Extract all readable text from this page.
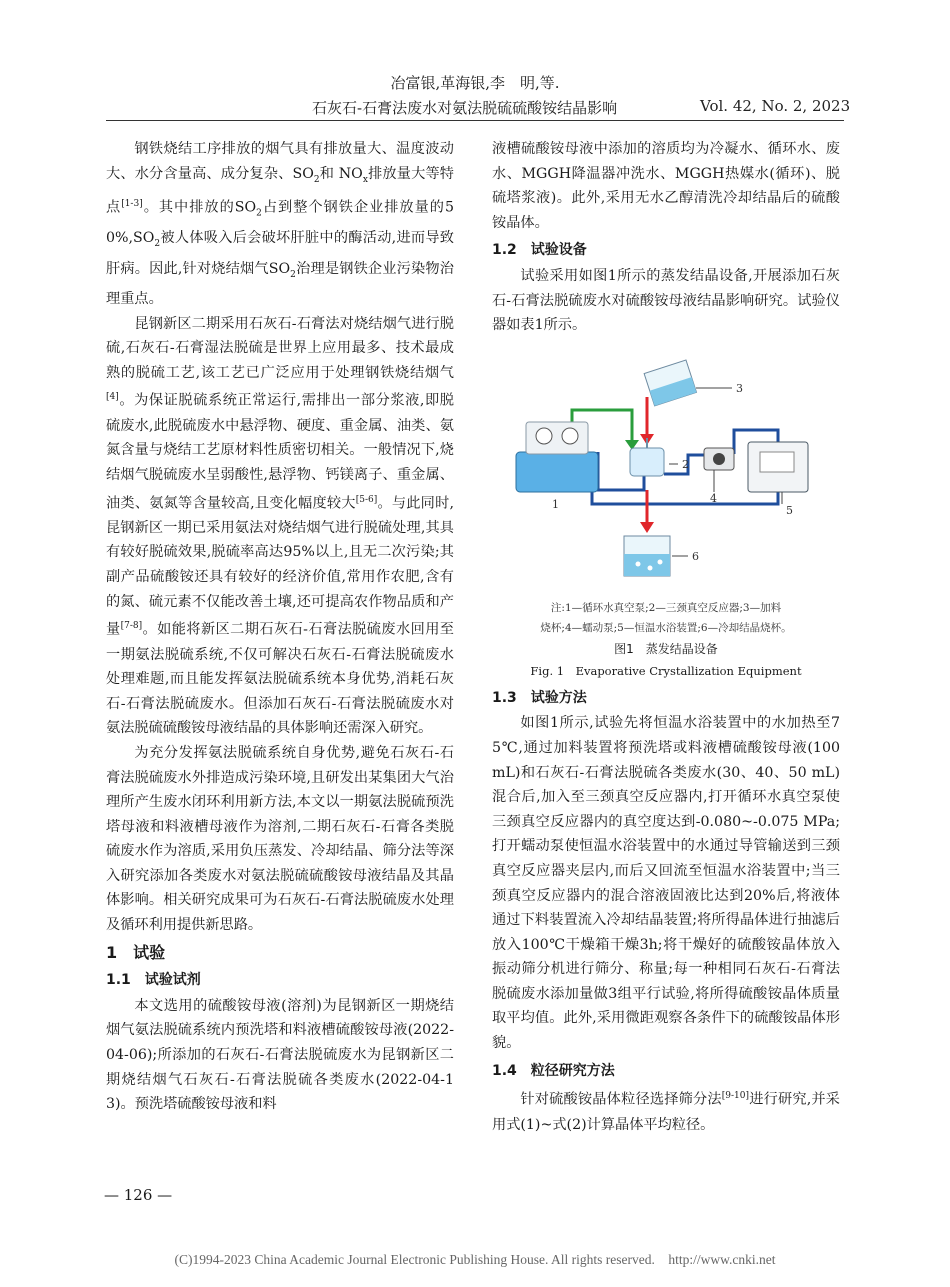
冶富银,革海银,李　明,等.
石灰石-石膏法废水对氨法脱硫硫酸铵结晶影响	Vol. 42, No. 2, 2023

钢铁烧结工序排放的烟气具有排放量大、温度波动大、水分含量高、成分复杂、$SO_2$和 $NO_x$排放量大等特点[1-3]。其中排放的$SO_2$占到整个钢铁企业排放量的$50\%,SO_2$被人体吸入后会破坏肝脏中的酶活动,进而导致肝病。因此,针对烧结烟气$SO_2$治理是钢铁企业污染物治理重点。

昆钢新区二期采用石灰石-石膏法对烧结烟气进行脱硫,石灰石-石膏湿法脱硫是世界上应用最多、技术最成熟的脱硫工艺,该工艺已广泛应用于处理钢铁烧结烟气[4]。为保证脱硫系统正常运行,需排出一部分浆液,即脱硫废水,此脱硫废水中悬浮物、硬度、重金属、油类、氨氮含量与烧结工艺原材料性质密切相关。一般情况下,烧结烟气脱硫废水呈弱酸性,悬浮物、钙镁离子、重金属、油类、氨氮等含量较高,且变化幅度较大[5-6]。与此同时,昆钢新区一期已采用氨法对烧结烟气进行脱硫处理,其具有较好脱硫效果,脱硫率高达95%以上,且无二次污染;其副产品硫酸铵还具有较好的经济价值,常用作农肥,含有的氮、硫元素不仅能改善土壤,还可提高农作物品质和产量[7-8]。如能将新区二期石灰石-石膏法脱硫废水回用至一期氨法脱硫系统,不仅可解决石灰石-石膏法脱硫废水处理难题,而且能发挥氨法脱硫系统本身优势,消耗石灰石-石膏法脱硫废水。但添加石灰石-石膏法脱硫废水对氨法脱硫硫酸铵母液结晶的具体影响还需深入研究。

为充分发挥氨法脱硫系统自身优势,避免石灰石-石膏法脱硫废水外排造成污染环境,且研发出某集团大气治理所产生废水闭环利用新方法,本文以一期氨法脱硫预洗塔母液和料液槽母液作为溶剂,二期石灰石-石膏各类脱硫废水作为溶质,采用负压蒸发、冷却结晶、筛分法等深入研究添加各类废水对氨法脱硫硫酸铵母液结晶及其晶体影响。相关研究成果可为石灰石-石膏法脱硫废水处理及循环利用提供新思路。

1　试验
1.1　试验试剂

本文选用的硫酸铵母液(溶剂)为昆钢新区一期烧结烟气氨法脱硫系统内预洗塔和料液槽硫酸铵母液(2022-04-06);所添加的石灰石-石膏法脱硫废水为昆钢新区二期烧结烟气石灰石-石膏法脱硫各类废水(2022-04-13)。预洗塔硫酸铵母液和料

液槽硫酸铵母液中添加的溶质均为冷凝水、循环水、废水、MGGH降温器冲洗水、MGGH热媒水(循环)、脱硫塔浆液)。此外,采用无水乙醇清洗冷却结晶后的硫酸铵晶体。

1.2　试验设备

试验采用如图1所示的蒸发结晶设备,开展添加石灰石-石膏法脱硫废水对硫酸铵母液结晶影响研究。试验仪器如表1所示。

1
2
3
4
5
6
注:1—循环水真空泵;2—三颈真空反应器;3—加料
烧杯;4—蠕动泵;5—恒温水浴装置;6—冷却结晶烧杯。
图1　蒸发结晶设备
Fig. 1　Evaporative Crystallization Equipment
1.3　试验方法

如图1所示,试验先将恒温水浴装置中的水加热至75℃,通过加料装置将预洗塔或料液槽硫酸铵母液(100 mL)和石灰石-石膏法脱硫各类废水(30、40、50 mL)混合后,加入至三颈真空反应器内,打开循环水真空泵使三颈真空反应器内的真空度达到-0.080~-0.075 MPa;打开蠕动泵使恒温水浴装置中的水通过导管输送到三颈真空反应器夹层内,而后又回流至恒温水浴装置中;当三颈真空反应器内的混合溶液固液比达到20%后,将液体通过下料装置流入冷却结晶装置;将所得晶体进行抽滤后放入100℃干燥箱干燥3h;将干燥好的硫酸铵晶体放入振动筛分机进行筛分、称量;每一种相同石灰石-石膏法脱硫废水添加量做3组平行试验,将所得硫酸铵晶体质量取平均值。此外,采用微距观察各条件下的硫酸铵晶体形貌。

1.4　粒径研究方法

针对硫酸铵晶体粒径选择筛分法[9-10]进行研究,并采用式(1)~式(2)计算晶体平均粒径。

— 126 —
(C)1994-2023 China Academic Journal Electronic Publishing House. All rights reserved.　http://www.cnki.net
